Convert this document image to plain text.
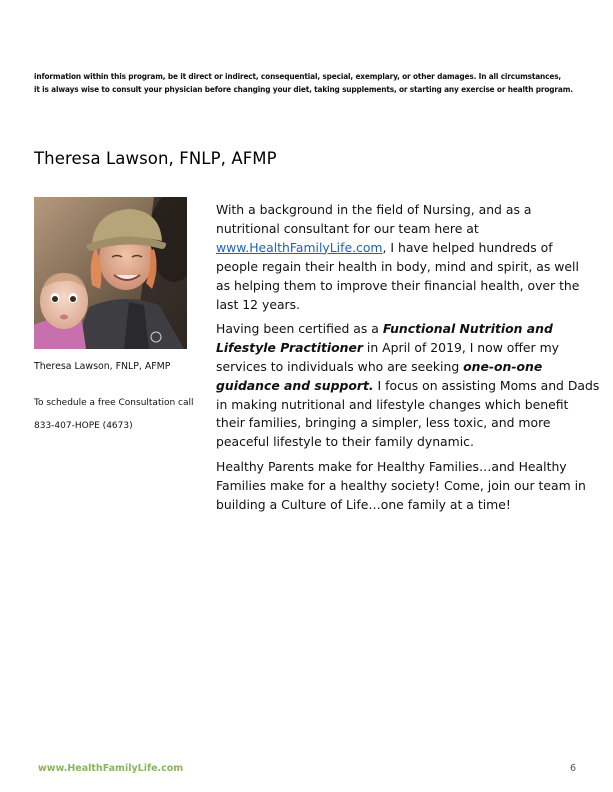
information within this program, be it direct or indirect, consequential, special, exemplary, or other damages. In all circumstances,
it is always wise to consult your physician before changing your diet, taking supplements, or starting any exercise or health program.
Theresa Lawson, FNLP, AFMP
Theresa Lawson, FNLP, AFMP
To schedule a free Consultation call
833-407-HOPE (4673)

With a background in the field of Nursing, and as a
nutritional consultant for our team here at
www.HealthFamilyLife.com, I have helped hundreds of
people regain their health in body, mind and spirit, as well
as helping them to improve their financial health, over the
last 12 years.

Having been certified as a Functional Nutrition and
Lifestyle Practitioner in April of 2019, I now offer my
services to individuals who are seeking one-on-one
guidance and support. I focus on assisting Moms and Dads
in making nutritional and lifestyle changes which benefit
their families, bringing a simpler, less toxic, and more
peaceful lifestyle to their family dynamic.

Healthy Parents make for Healthy Families…and Healthy
Families make for a healthy society! Come, join our team in
building a Culture of Life…one family at a time!

www.HealthFamilyLife.com	6
